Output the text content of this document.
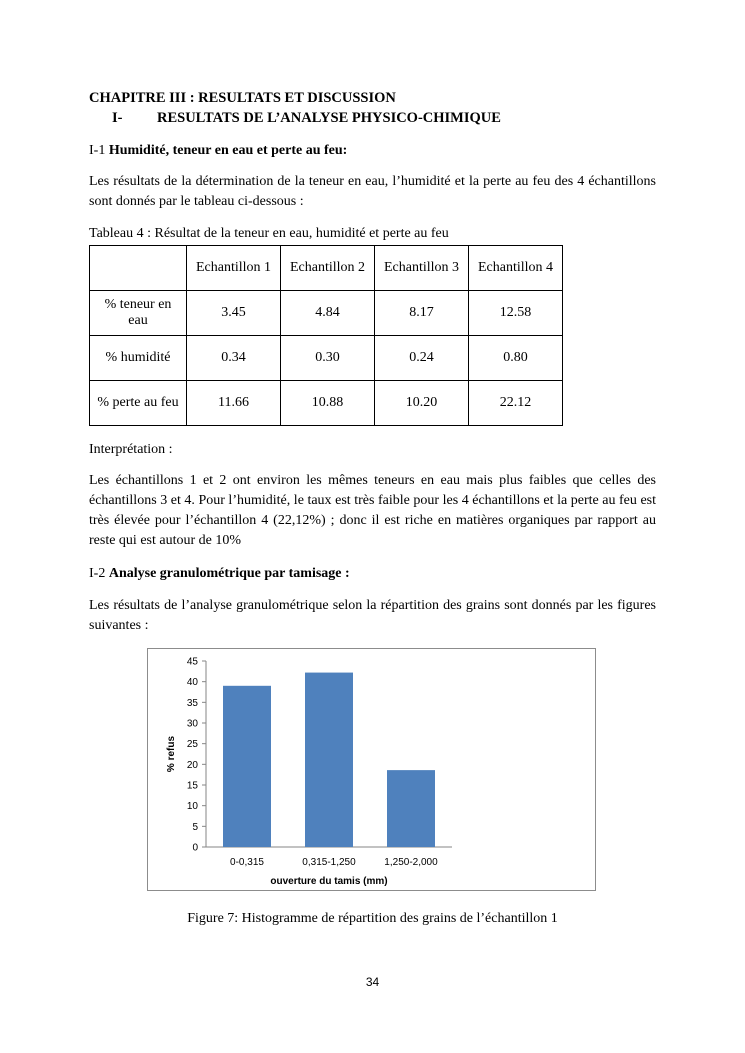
CHAPITRE III : RESULTATS ET DISCUSSION
I- RESULTATS DE L’ANALYSE PHYSICO-CHIMIQUE
I-1 Humidité, teneur en eau et perte au feu:
Les résultats de la détermination de la teneur en eau, l’humidité et la perte au feu des 4 échantillons sont donnés par le tableau ci-dessous :
Tableau 4 : Résultat de la teneur en eau, humidité et perte au feu
	Echantillon 1	Echantillon 2	Echantillon 3	Echantillon 4
% teneur en eau	3.45	4.84	8.17	12.58
% humidité	0.34	0.30	0.24	0.80
% perte au feu	11.66	10.88	10.20	22.12
Interprétation :
Les échantillons 1 et 2 ont environ les mêmes teneurs en eau mais plus faibles que celles des échantillons 3 et 4. Pour l’humidité, le taux est très faible pour les 4 échantillons et la perte au feu est très élevée pour l’échantillon 4 (22,12%) ; donc il est riche en matières organiques par rapport au reste qui est autour de 10%
I-2 Analyse granulométrique par tamisage :
Les résultats de l’analyse granulométrique selon la répartition des grains sont donnés par les figures suivantes :
0
5
10
15
20
25
30
35
40
45
0-0,315	0,315-1,250	1,250-2,000
% refus
ouverture du tamis (mm)
Figure 7: Histogramme de répartition des grains de l’échantillon 1
34
